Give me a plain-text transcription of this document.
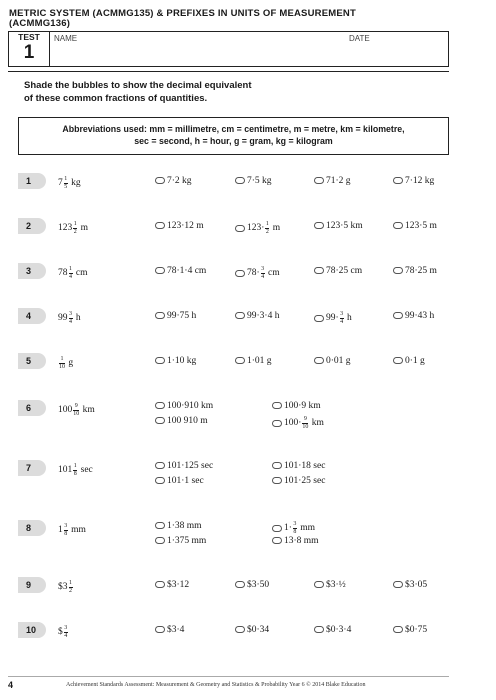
METRIC SYSTEM (ACMMG135) & PREFIXES IN UNITS OF MEASUREMENT (ACMMG136)
TEST
1
NAME	DATE
Shade the bubbles to show the decimal equivalent
of these common fractions of quantities.
Abbreviations used: mm = millimetre, cm = centimetre, m = metre, km = kilometre,
sec = second, h = hour, g = gram, kg = kilogram
1	$7 \frac{1}{5}$ kg	7·2 kg	7·5 kg	71·2 g	7·12 kg
2	$123 \frac{1}{2}$ m	123·12 m	$123\cdot \frac{1}{2}$ m	123·5 km	123·5 m
3	$78 \frac{1}{4}$ cm	78·1·4 cm	$78\cdot \frac{3}{4}$ cm	78·25 cm	78·25 m
4	$99 \frac{3}{4}$ h	99·75 h	99·3·4 h	$99\cdot \frac{3}{4}$ h	99·43 h
5	$\frac{1}{10}$ g	1·10 kg	1·01 g	0·01 g	0·1 g
6	$100 \frac{9}{10}$ km	100·910 km	100·9 km
100 910 m	$100\cdot \frac{9}{10}$ km
7	$101 \frac{1}{8}$ sec	101·125 sec	101·18 sec
101·1 sec	101·25 sec
8	$1 \frac{3}{8}$ mm	1·38 mm	$1\cdot \frac{3}{8}$ mm
1·375 mm	13·8 mm
9	$3 $\frac{1}{2}$	$3·12	$3·50	$3·½	$3·05
10	$ $\frac{3}{4}$	$3·4	$0·34	$0·3·4	$0·75
4	Achievement Standards Assessment: Measurement & Geometry and Statistics & Probability Year 6 © 2014 Blake Education
